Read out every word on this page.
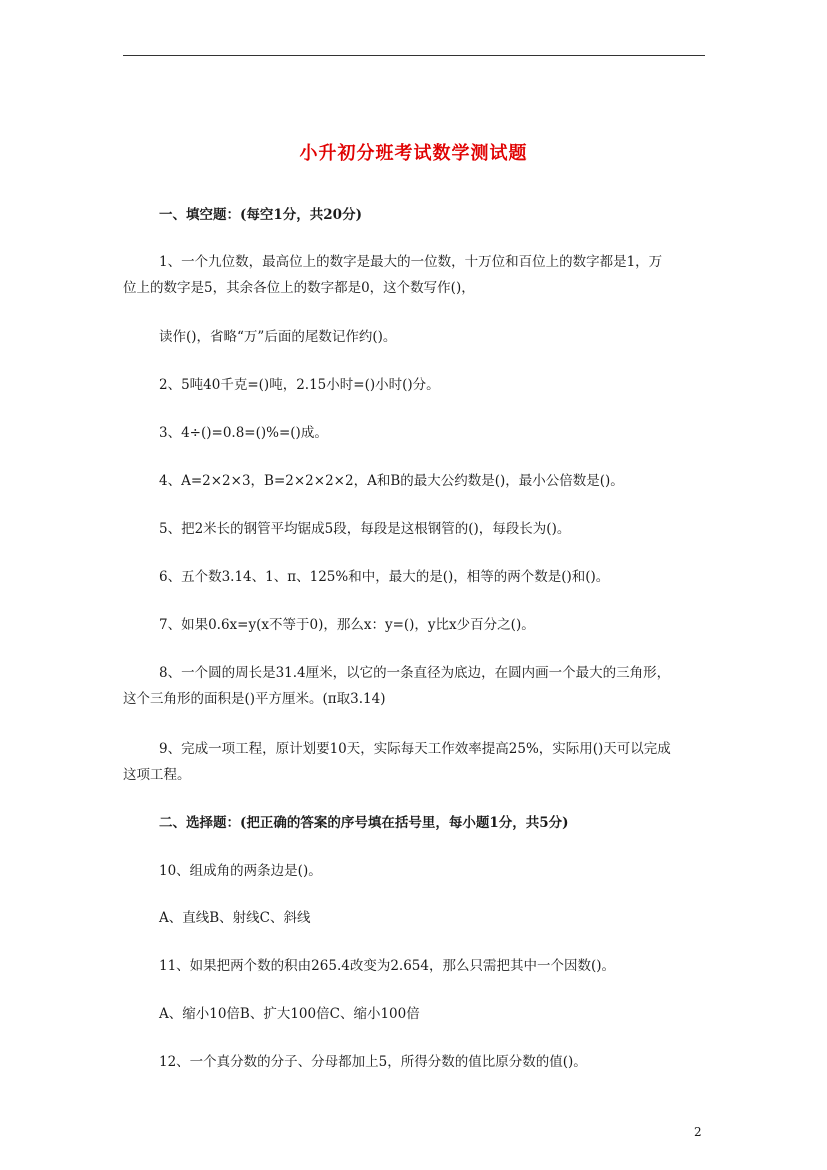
小升初分班考试数学测试题
一、填空题：(每空1分，共20分)
1、一个九位数，最高位上的数字是最大的一位数，十万位和百位上的数字都是1，万
位上的数字是5，其余各位上的数字都是0，这个数写作()，
读作()，省略“万”后面的尾数记作约()。
2、5吨40千克=()吨，2.15小时=()小时()分。
3、4÷()=0.8=()%=()成。
4、A=2×2×3，B=2×2×2×2，A和B的最大公约数是()，最小公倍数是()。
5、把2米长的钢管平均锯成5段，每段是这根钢管的()，每段长为()。
6、五个数3.14、1、π、125%和中，最大的是()，相等的两个数是()和()。
7、如果0.6x=y(x不等于0)，那么x：y=()，y比x少百分之()。
8、一个圆的周长是31.4厘米，以它的一条直径为底边，在圆内画一个最大的三角形，
这个三角形的面积是()平方厘米。(π取3.14)
9、完成一项工程，原计划要10天，实际每天工作效率提高25%，实际用()天可以完成
这项工程。
二、选择题：(把正确的答案的序号填在括号里，每小题1分，共5分)
10、组成角的两条边是()。
A、直线B、射线C、斜线
11、如果把两个数的积由265.4改变为2.654，那么只需把其中一个因数()。
A、缩小10倍B、扩大100倍C、缩小100倍
12、一个真分数的分子、分母都加上5，所得分数的值比原分数的值()。
2
